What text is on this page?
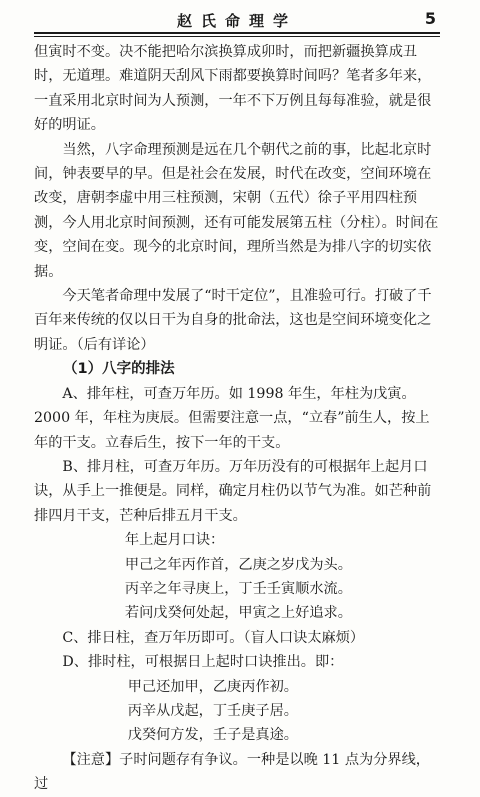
赵氏命理学	5

但寅时不变。决不能把哈尔滨换算成卯时，而把新疆换算成丑时，无道理。难道阴天刮风下雨都要换算时间吗？笔者多年来，一直采用北京时间为人预测，一年不下万例且每每准验，就是很好的明证。

当然，八字命理预测是远在几个朝代之前的事，比起北京时间，钟表要早的早。但是社会在发展，时代在改变，空间环境在改变，唐朝李虚中用三柱预测，宋朝（五代）徐子平用四柱预测，今人用北京时间预测，还有可能发展第五柱（分柱）。时间在变，空间在变。现今的北京时间，理所当然是为排八字的切实依据。

今天笔者命理中发展了“时干定位”，且准验可行。打破了千百年来传统的仅以日干为自身的批命法，这也是空间环境变化之明证。（后有详论）

（1）八字的排法

A、排年柱，可查万年历。如 1998 年生，年柱为戊寅。2000 年，年柱为庚辰。但需要注意一点，“立春”前生人，按上年的干支。立春后生，按下一年的干支。

B、排月柱，可查万年历。万年历没有的可根据年上起月口诀，从手上一推便是。同样，确定月柱仍以节气为准。如芒种前排四月干支，芒种后排五月干支。

年上起月口诀：

甲己之年丙作首，乙庚之岁戊为头。

丙辛之年寻庚上，丁壬壬寅顺水流。

若问戊癸何处起，甲寅之上好追求。

C、排日柱，查万年历即可。（盲人口诀太麻烦）

D、排时柱，可根据日上起时口诀推出。即：

甲己还加甲，乙庚丙作初。

丙辛从戊起，丁壬庚子居。

戊癸何方发，壬子是真途。

【注意】子时问题存有争议。一种是以晚 11 点为分界线，过
